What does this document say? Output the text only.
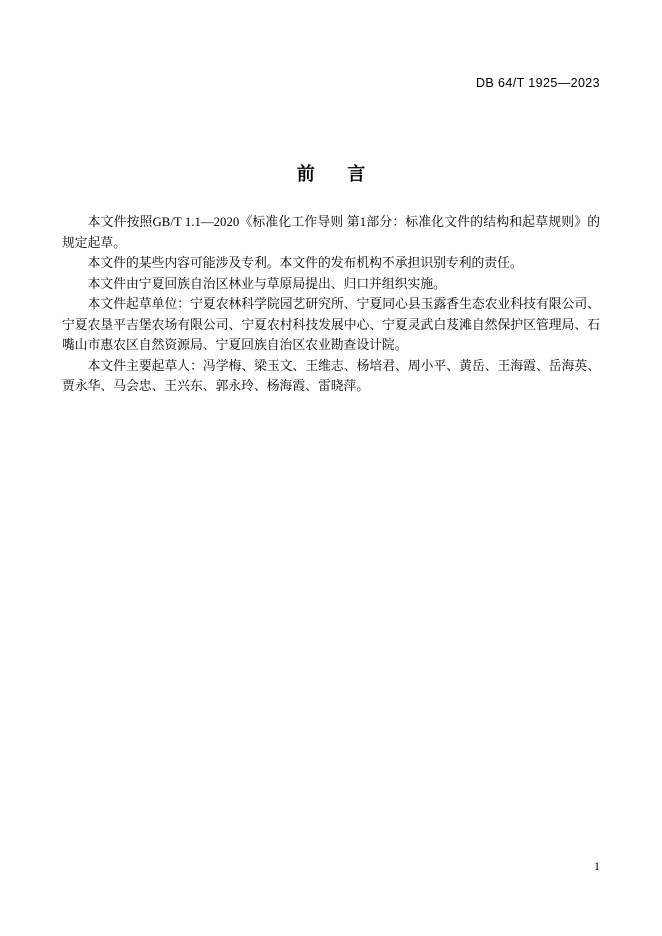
DB 64/T 1925—2023
前 言

本文件按照GB/T 1.1—2020《标准化工作导则 第1部分：标准化文件的结构和起草规则》的规定起草。

本文件的某些内容可能涉及专利。本文件的发布机构不承担识别专利的责任。

本文件由宁夏回族自治区林业与草原局提出、归口并组织实施。

本文件起草单位：宁夏农林科学院园艺研究所、宁夏同心县玉露香生态农业科技有限公司、宁夏农垦平吉堡农场有限公司、宁夏农村科技发展中心、宁夏灵武白芨滩自然保护区管理局、石嘴山市惠农区自然资源局、宁夏回族自治区农业勘查设计院。

本文件主要起草人：冯学梅、梁玉文、王维志、杨培君、周小平、黄岳、王海霞、岳海英、贾永华、马会忠、王兴东、郭永玲、杨海霞、雷晓萍。

1
